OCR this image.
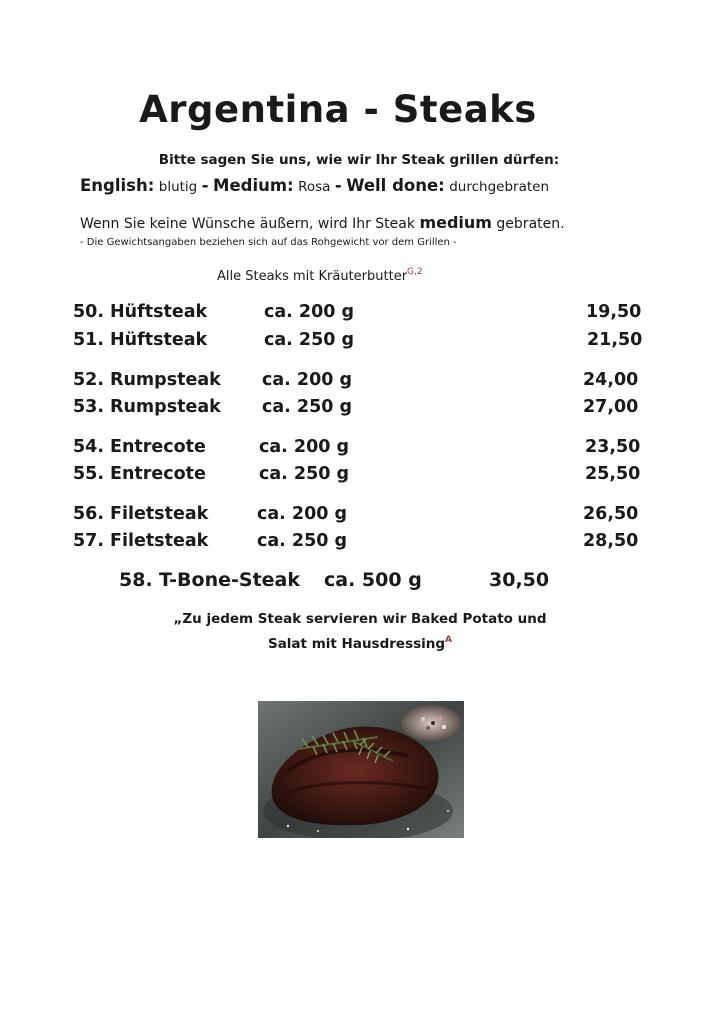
Argentina - Steaks
Bitte sagen Sie uns, wie wir Ihr Steak grillen dürfen:
English: blutig - Medium: Rosa - Well done: durchgebraten
Wenn Sie keine Wünsche äußern, wird Ihr Steak medium gebraten.
- Die Gewichtsangaben beziehen sich auf das Rohgewicht vor dem Grillen -
Alle Steaks mit Kräuterbutter$^{G,2}$
50. Hüftsteak	ca. 200 g	19,50
51. Hüftsteak	ca. 250 g	21,50
52. Rumpsteak ca. 200 g	24,00
53. Rumpsteak ca. 250 g	27,00
54. Entrecote	ca. 200 g	23,50
55. Entrecote	ca. 250 g	25,50
56. Filetsteak	ca. 200 g	26,50
57. Filetsteak	ca. 250 g	28,50
58. T-Bone-Steak ca. 500 g	30,50
„Zu jedem Steak servieren wir Baked Potato und
Salat mit Hausdressing$^A$
